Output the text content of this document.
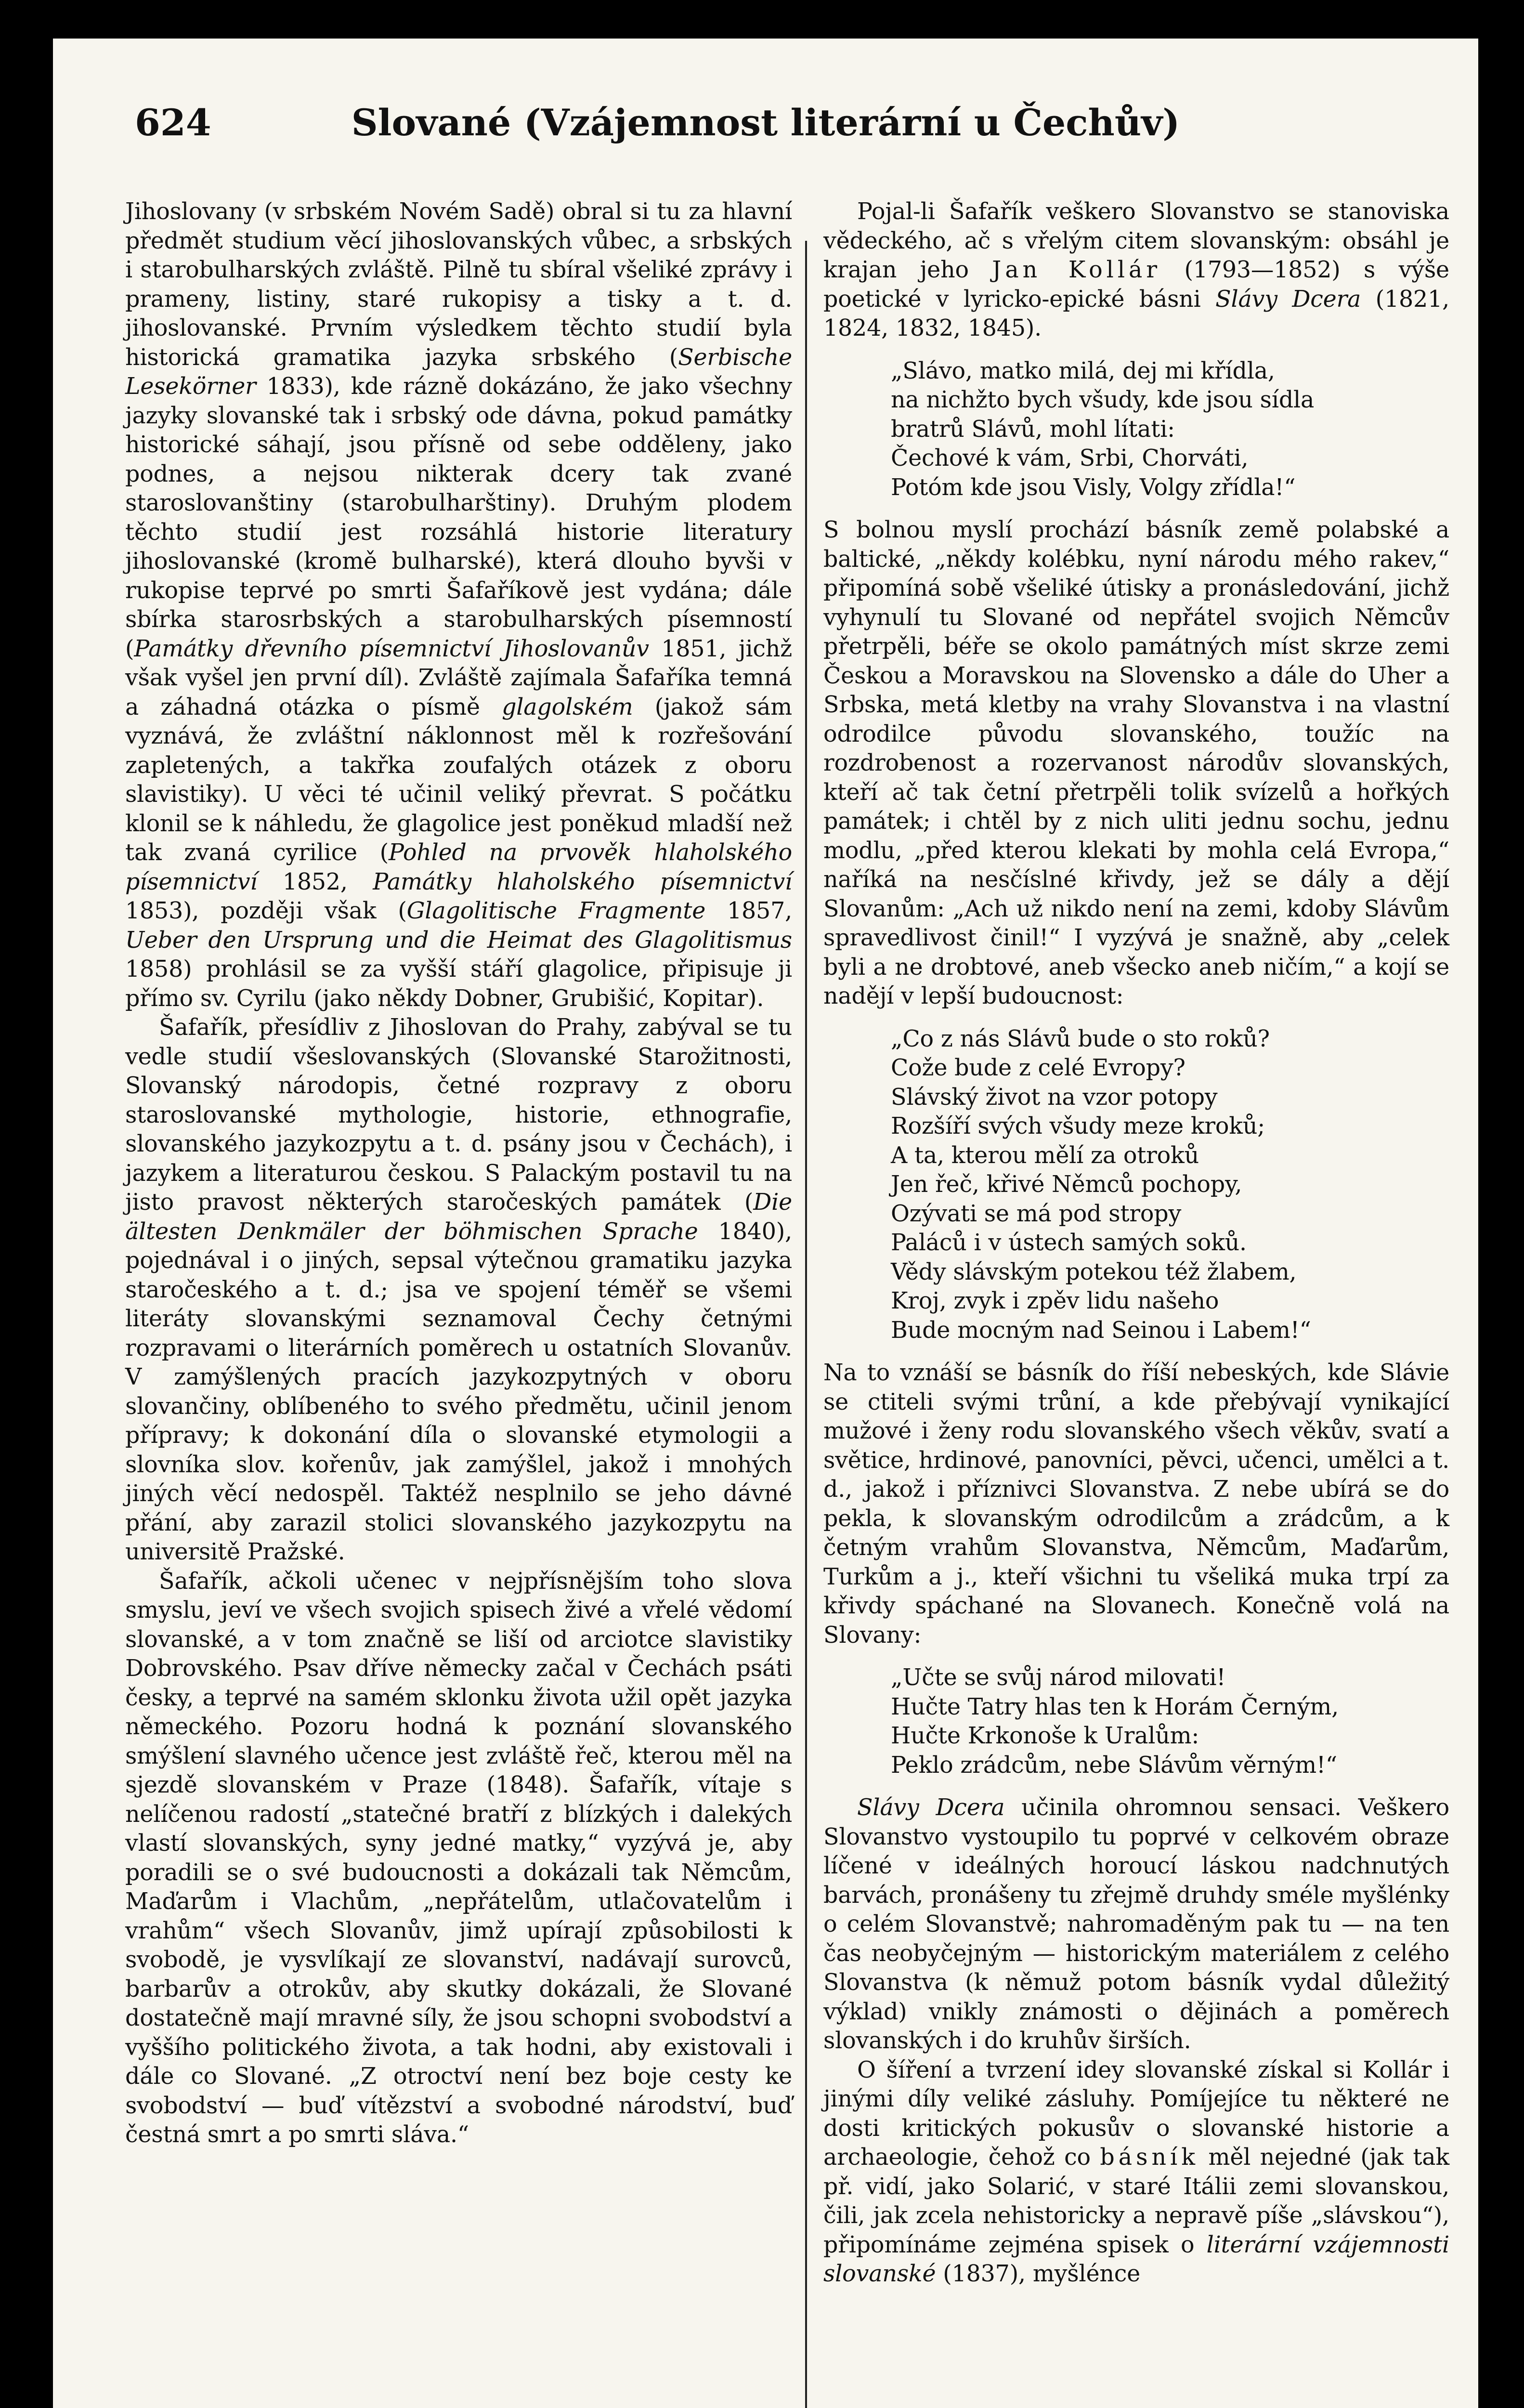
624	Slované (Vzájemnost literární u Čechův)

Jihoslovany (v srbském Novém Sadě) obral si tu za hlavní předmět studium věcí jihoslovanských vůbec, a srbských i starobulharských zvláště. Pilně tu sbíral všeliké zprávy i prameny, listiny, staré rukopisy a tisky a t. d. jihoslovanské. Prvním výsledkem těchto studií byla historická gramatika jazyka srbského (Serbische Lesekörner 1833), kde rázně dokázáno, že jako všechny jazyky slovanské tak i srbský ode dávna, pokud památky historické sáhají, jsou přísně od sebe odděleny, jako podnes, a nejsou nikterak dcery tak zvané staroslovanštiny (starobulharštiny). Druhým plodem těchto studií jest rozsáhlá historie literatury jihoslovanské (kromě bulharské), která dlouho byvši v rukopise teprvé po smrti Šafaříkově jest vydána; dále sbírka starosrbských a starobulharských písemností (Památky dřevního písemnictví Jihoslovanův 1851, jichž však vyšel jen první díl). Zvláště zajímala Šafaříka temná a záhadná otázka o písmě glagolském (jakož sám vyznává, že zvláštní náklonnost měl k rozřešování zapletených, a takřka zoufalých otázek z oboru slavistiky). U věci té učinil veliký převrat. S počátku klonil se k náhledu, že glagolice jest poněkud mladší než tak zvaná cyrilice (Pohled na prvověk hlaholského písemnictví 1852, Památky hlaholského písemnictví 1853), později však (Glagolitische Fragmente 1857, Ueber den Ursprung und die Heimat des Glagolitismus 1858) prohlásil se za vyšší stáří glagolice, připisuje ji přímo sv. Cyrilu (jako někdy Dobner, Grubišić, Kopitar).

Šafařík, přesídliv z Jihoslovan do Prahy, zabýval se tu vedle studií všeslovanských (Slovanské Starožitnosti, Slovanský národopis, četné rozpravy z oboru staroslovanské mythologie, historie, ethnografie, slovanského jazykozpytu a t. d. psány jsou v Čechách), i jazykem a literaturou českou. S Palackým postavil tu na jisto pravost některých staročeských památek (Die ältesten Denkmäler der böhmischen Sprache 1840), pojednával i o jiných, sepsal výtečnou gramatiku jazyka staročeského a t. d.; jsa ve spojení téměř se všemi literáty slovanskými seznamoval Čechy četnými rozpravami o literárních poměrech u ostatních Slovanův. V zamýšlených pracích jazykozpytných v oboru slovančiny, oblíbeného to svého předmětu, učinil jenom přípravy; k dokonání díla o slovanské etymologii a slovníka slov. kořenův, jak zamýšlel, jakož i mnohých jiných věcí nedospěl. Taktéž nesplnilo se jeho dávné přání, aby zarazil stolici slovanského jazykozpytu na universitě Pražské.

Šafařík, ačkoli učenec v nejpřísnějším toho slova smyslu, jeví ve všech svojich spisech živé a vřelé vědomí slovanské, a v tom značně se liší od arciotce slavistiky Dobrovského. Psav dříve německy začal v Čechách psáti česky, a teprvé na samém sklonku života užil opět jazyka německého. Pozoru hodná k poznání slovanského smýšlení slavného učence jest zvláště řeč, kterou měl na sjezdě slovanském v Praze (1848). Šafařík, vítaje s nelíčenou radostí „statečné bratří z blízkých i dalekých vlastí slovanských, syny jedné matky,“ vyzývá je, aby poradili se o své budoucnosti a dokázali tak Němcům, Maďarům i Vlachům, „nepřátelům, utlačovatelům i vrahům“ všech Slovanův, jimž upírají způsobilosti k svobodě, je vysvlíkají ze slovanství, nadávají surovců, barbarův a otrokův, aby skutky dokázali, že Slované dostatečně mají mravné síly, že jsou schopni svobodství a vyššího politického života, a tak hodni, aby existovali i dále co Slované. „Z otroctví není bez boje cesty ke svobodství — buď vítězství a svobodné národství, buď čestná smrt a po smrti sláva.“

Pojal-li Šafařík veškero Slovanstvo se stanoviska vědeckého, ač s vřelým citem slovanským: obsáhl je krajan jeho Jan Kollár (1793—1852) s výše poetické v lyricko-epické básni Slávy Dcera (1821, 1824, 1832, 1845).

„Slávo, matko milá, dej mi křídla,
na nichžto bych všudy, kde jsou sídla
bratrů Slávů, mohl lítati:
Čechové k vám, Srbi, Chorváti,
Potóm kde jsou Visly, Volgy zřídla!“

S bolnou myslí prochází básník země polabské a baltické, „někdy kolébku, nyní národu mého rakev,“ připomíná sobě všeliké útisky a pronásledování, jichž vyhynulí tu Slované od nepřátel svojich Němcův přetrpěli, béře se okolo památných míst skrze zemi Českou a Moravskou na Slovensko a dále do Uher a Srbska, metá kletby na vrahy Slovanstva i na vlastní odrodilce původu slovanského, toužíc na rozdrobenost a rozervanost národův slovanských, kteří ač tak četní přetrpěli tolik svízelů a hořkých památek; i chtěl by z nich uliti jednu sochu, jednu modlu, „před kterou klekati by mohla celá Evropa,“ naříká na nesčíslné křivdy, jež se dály a dějí Slovanům: „Ach už nikdo není na zemi, kdoby Slávům spravedlivost činil!“ I vyzývá je snažně, aby „celek byli a ne drobtové, aneb všecko aneb ničím,“ a kojí se nadějí v lepší budoucnost:

„Co z nás Slávů bude o sto roků?
Cože bude z celé Evropy?
Slávský život na vzor potopy
Rozšíří svých všudy meze kroků;
A ta, kterou mělí za otroků
Jen řeč, křivé Němců pochopy,
Ozývati se má pod stropy
Paláců i v ústech samých soků.
Vědy slávským potekou též žlabem,
Kroj, zvyk i zpěv lidu našeho
Bude mocným nad Seinou i Labem!“

Na to vznáší se básník do říší nebeských, kde Slávie se ctiteli svými trůní, a kde přebývají vynikající mužové i ženy rodu slovanského všech věkův, svatí a světice, hrdinové, panovníci, pěvci, učenci, umělci a t. d., jakož i příznivci Slovanstva. Z nebe ubírá se do pekla, k slovanským odrodilcům a zrádcům, a k četným vrahům Slovanstva, Němcům, Maďarům, Turkům a j., kteří všichni tu všeliká muka trpí za křivdy spáchané na Slovanech. Konečně volá na Slovany:

„Učte se svůj národ milovati!
Hučte Tatry hlas ten k Horám Černým,
Hučte Krkonoše k Uralům:
Peklo zrádcům, nebe Slávům věrným!“

Slávy Dcera učinila ohromnou sensaci. Veškero Slovanstvo vystoupilo tu poprvé v celkovém obraze líčené v ideálných horoucí láskou nadchnutých barvách, pronášeny tu zřejmě druhdy sméle myšlénky o celém Slovanstvě; nahromaděným pak tu — na ten čas neobyčejným — historickým materiálem z celého Slovanstva (k němuž potom básník vydal důležitý výklad) vnikly známosti o dějinách a poměrech slovanských i do kruhův širších.

O šíření a tvrzení idey slovanské získal si Kollár i jinými díly veliké zásluhy. Pomíjejíce tu některé ne dosti kritických pokusův o slovanské historie a archaeologie, čehož co básník měl nejedné (jak tak př. vidí, jako Solarić, v staré Itálii zemi slovanskou, čili, jak zcela nehistoricky a nepravě píše „slávskou“), připomínáme zejména spisek o literární vzájemnosti slovanské (1837), myšlénce
